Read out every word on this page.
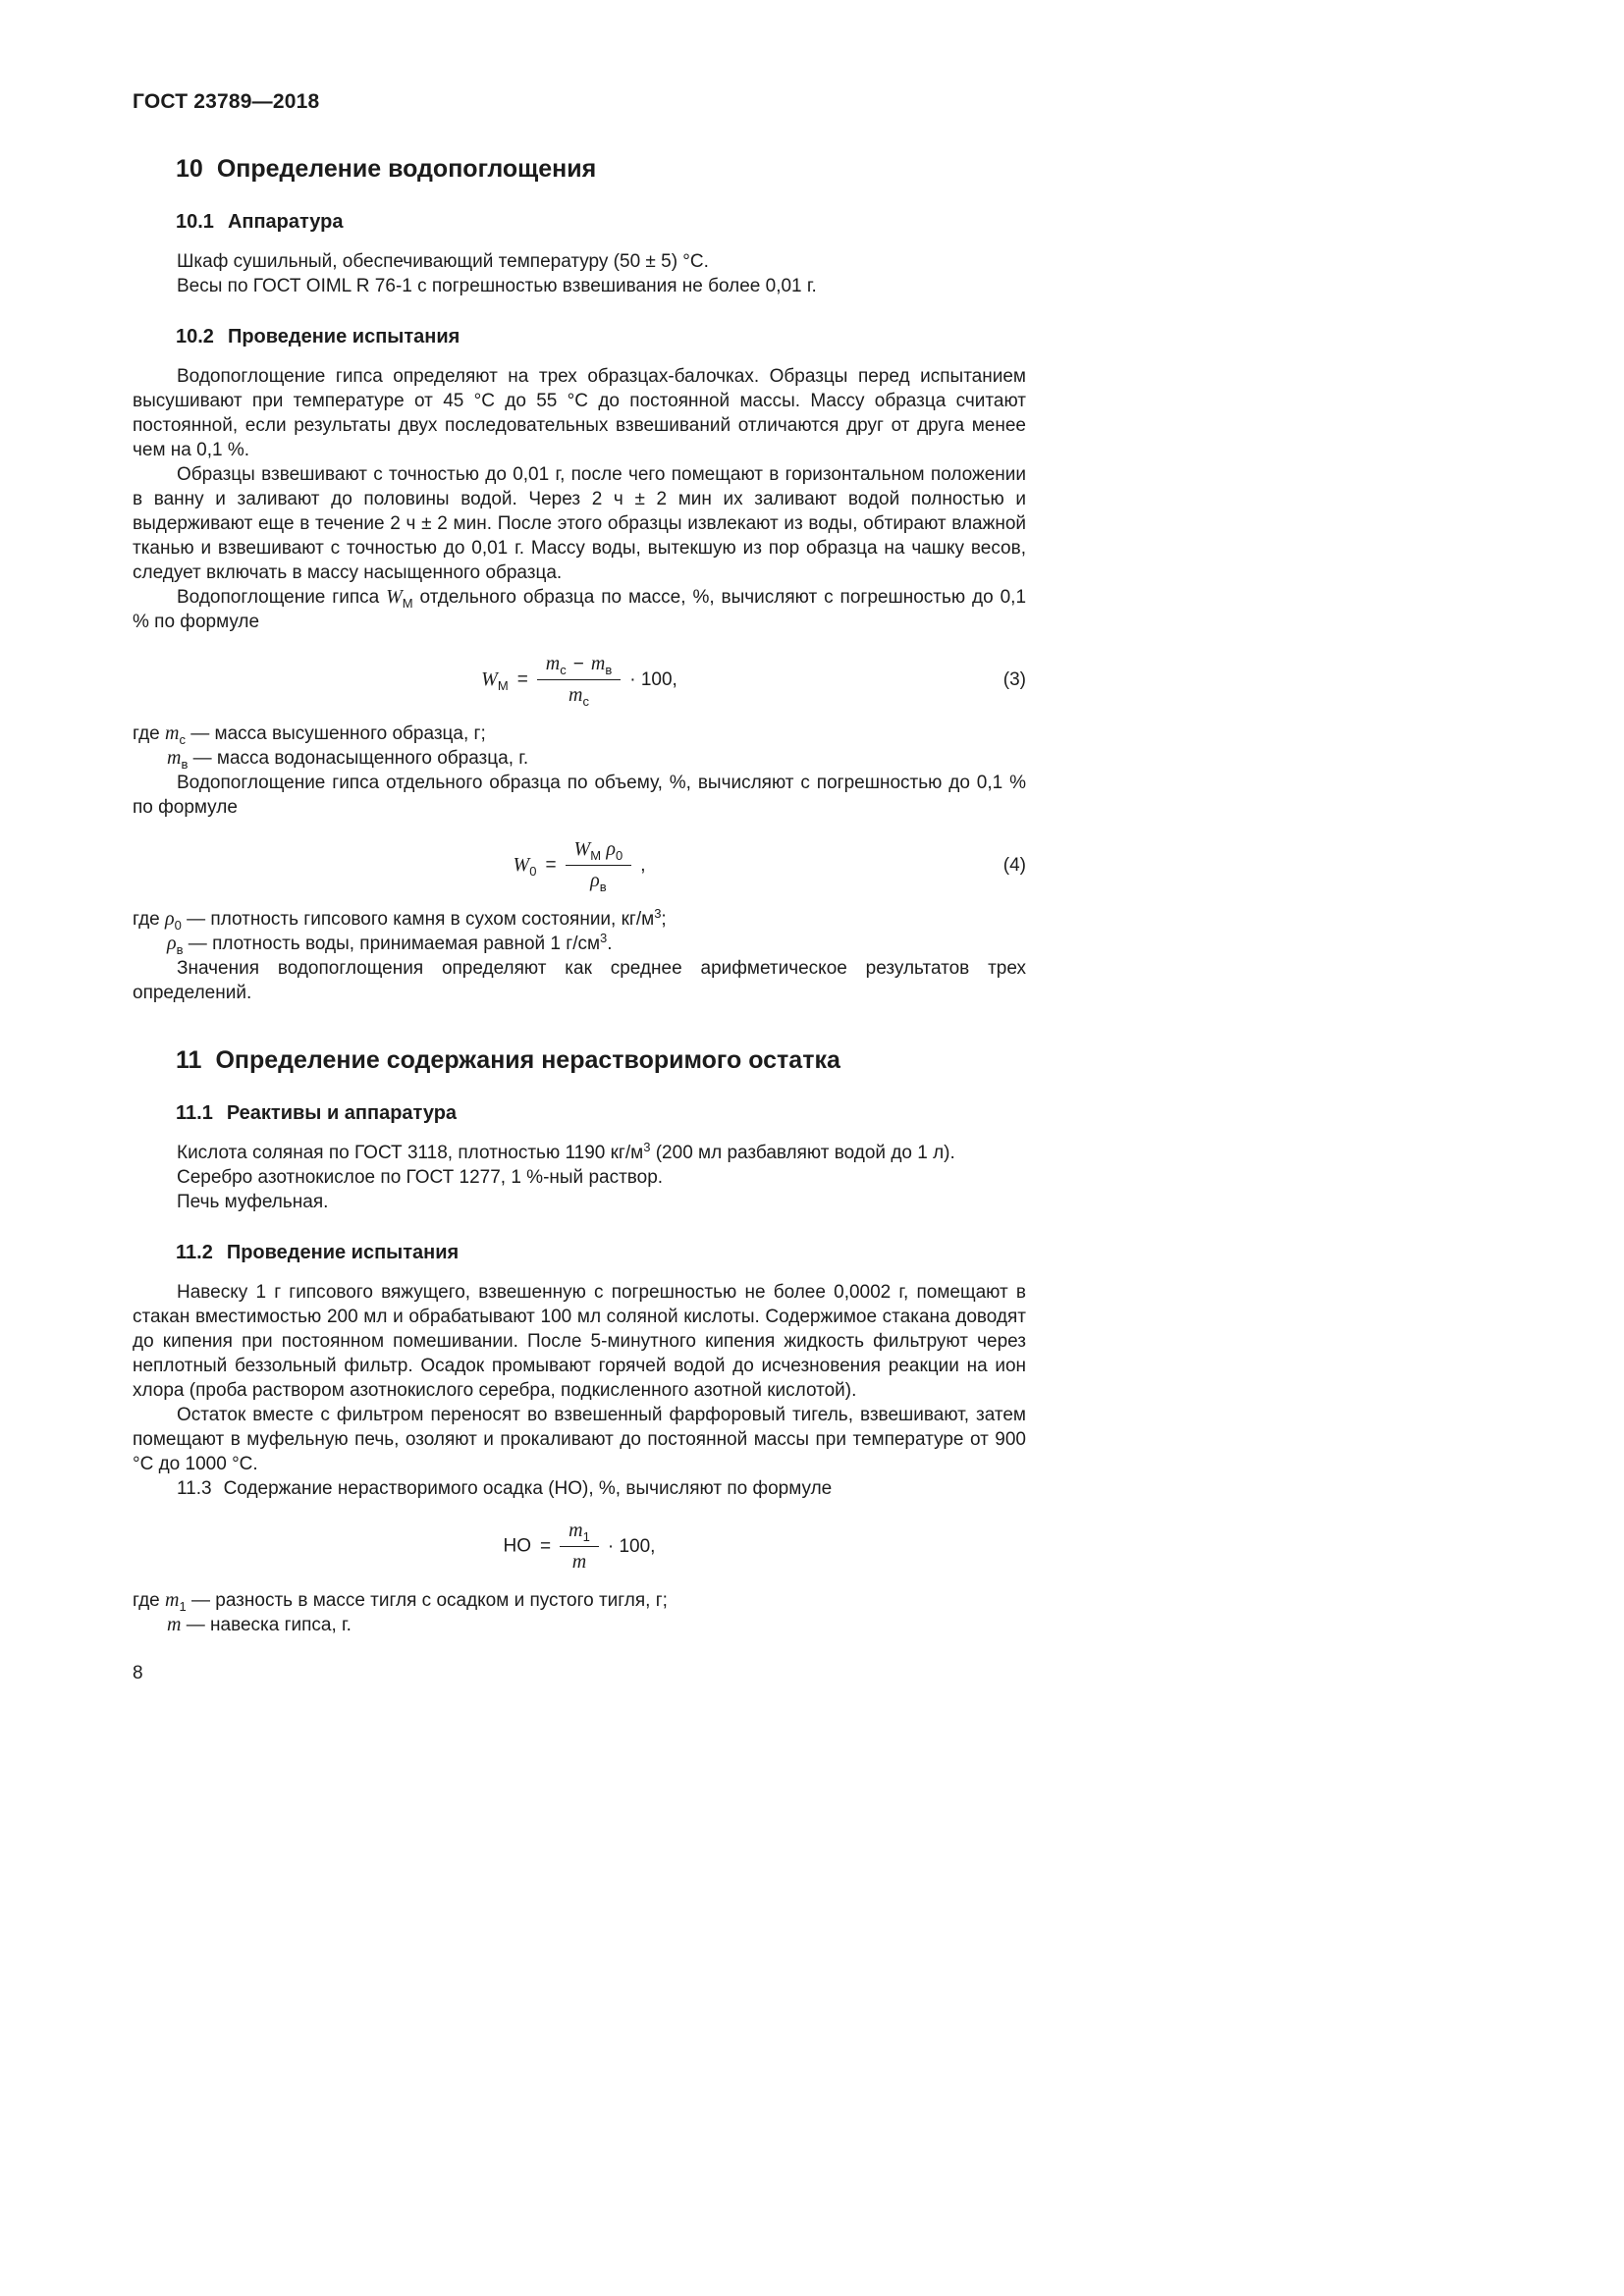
ГОСТ 23789—2018
10 Определение водопоглощения
10.1 Аппаратура

Шкаф сушильный, обеспечивающий температуру (50 ± 5) °С.

Весы по ГОСТ OIML R 76-1 с погрешностью взвешивания не более 0,01 г.

10.2 Проведение испытания

Водопоглощение гипса определяют на трех образцах-балочках. Образцы перед испытанием высушивают при температуре от 45 °С до 55 °С до постоянной массы. Массу образца считают постоянной, если результаты двух последовательных взвешиваний отличаются друг от друга менее чем на 0,1 %.

Образцы взвешивают с точностью до 0,01 г, после чего помещают в горизонтальном положении в ванну и заливают до половины водой. Через 2 ч ± 2 мин их заливают водой полностью и выдерживают еще в течение 2 ч ± 2 мин. После этого образцы извлекают из воды, обтирают влажной тканью и взвешивают с точностью до 0,01 г. Массу воды, вытекшую из пор образца на чашку весов, следует включать в массу насыщенного образца.

Водопоглощение гипса $W_М$ отдельного образца по массе, %, вычисляют с погрешностью до 0,1 % по формуле

$W_М = \frac{m_с - m_в}{m_с} \cdot 100$,	(3)

где $m_с$ — масса высушенного образца, г;

$m_в$ — масса водонасыщенного образца, г.

Водопоглощение гипса отдельного образца по объему, %, вычисляют с погрешностью до 0,1 % по формуле

$W_0 = \frac{W_М \rho_0}{\rho_в}$ ,	(4)

где $\rho_0$ — плотность гипсового камня в сухом состоянии, $кг/м^3$;

$\rho_в$ — плотность воды, принимаемая равной 1 $г/см^3$.

Значения водопоглощения определяют как среднее арифметическое результатов трех определений.

11 Определение содержания нерастворимого остатка
11.1 Реактивы и аппаратура

Кислота соляная по ГОСТ 3118, плотностью 1190 $кг/м^3$ (200 мл разбавляют водой до 1 л).

Серебро азотнокислое по ГОСТ 1277, 1 %-ный раствор.

Печь муфельная.

11.2 Проведение испытания

Навеску 1 г гипсового вяжущего, взвешенную с погрешностью не более 0,0002 г, помещают в стакан вместимостью 200 мл и обрабатывают 100 мл соляной кислоты. Содержимое стакана доводят до кипения при постоянном помешивании. После 5-минутного кипения жидкость фильтруют через неплотный беззольный фильтр. Осадок промывают горячей водой до исчезновения реакции на ион хлора (проба раствором азотнокислого серебра, подкисленного азотной кислотой).

Остаток вместе с фильтром переносят во взвешенный фарфоровый тигель, взвешивают, затем помещают в муфельную печь, озоляют и прокаливают до постоянной массы при температуре от 900 °С до 1000 °С.

11.3 Содержание нерастворимого осадка (НО), %, вычисляют по формуле

НО = $\frac{m_1}{m} \cdot 100$,

где $m_1$ — разность в массе тигля с осадком и пустого тигля, г;

m — навеска гипса, г.

8
